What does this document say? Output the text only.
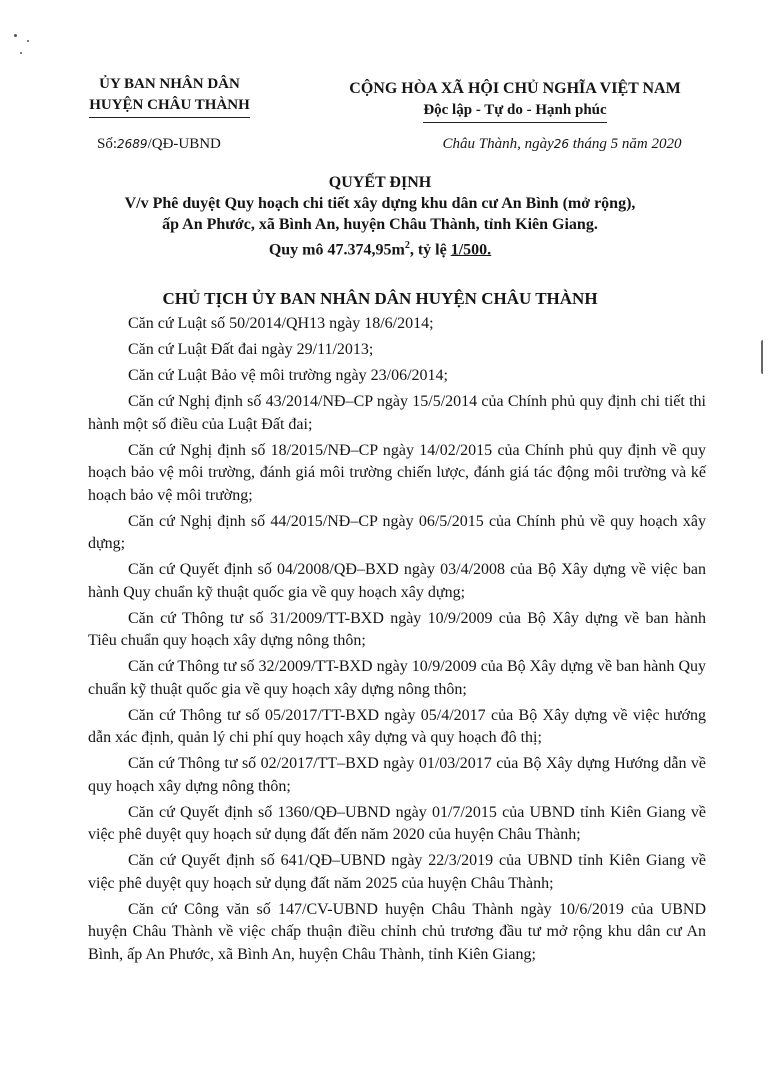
ỦY BAN NHÂN DÂN
HUYỆN CHÂU THÀNH
CỘNG HÒA XÃ HỘI CHỦ NGHĨA VIỆT NAM
Độc lập - Tự do - Hạnh phúc
Số:2689/QĐ-UBND	Châu Thành, ngày26 tháng 5 năm 2020
QUYẾT ĐỊNH
V/v Phê duyệt Quy hoạch chi tiết xây dựng khu dân cư An Bình (mở rộng),
ấp An Phước, xã Bình An, huyện Châu Thành, tỉnh Kiên Giang.
Quy mô $47.374,95m^2$, tỷ lệ 1/500.
CHỦ TỊCH ỦY BAN NHÂN DÂN HUYỆN CHÂU THÀNH

Căn cứ Luật số 50/2014/QH13 ngày 18/6/2014;

Căn cứ Luật Đất đai ngày 29/11/2013;

Căn cứ Luật Bảo vệ môi trường ngày 23/06/2014;

Căn cứ Nghị định số 43/2014/NĐ–CP ngày 15/5/2014 của Chính phủ quy định chi tiết thi hành một số điều của Luật Đất đai;

Căn cứ Nghị định số 18/2015/NĐ–CP ngày 14/02/2015 của Chính phủ quy định về quy hoạch bảo vệ môi trường, đánh giá môi trường chiến lược, đánh giá tác động môi trường và kế hoạch bảo vệ môi trường;

Căn cứ Nghị định số 44/2015/NĐ–CP ngày 06/5/2015 của Chính phủ về quy hoạch xây dựng;

Căn cứ Quyết định số 04/2008/QĐ–BXD ngày 03/4/2008 của Bộ Xây dựng về việc ban hành Quy chuẩn kỹ thuật quốc gia về quy hoạch xây dựng;

Căn cứ Thông tư số 31/2009/TT-BXD ngày 10/9/2009 của Bộ Xây dựng về ban hành Tiêu chuẩn quy hoạch xây dựng nông thôn;

Căn cứ Thông tư số 32/2009/TT-BXD ngày 10/9/2009 của Bộ Xây dựng về ban hành Quy chuẩn kỹ thuật quốc gia về quy hoạch xây dựng nông thôn;

Căn cứ Thông tư số 05/2017/TT-BXD ngày 05/4/2017 của Bộ Xây dựng về việc hướng dẫn xác định, quản lý chi phí quy hoạch xây dựng và quy hoạch đô thị;

Căn cứ Thông tư số 02/2017/TT–BXD ngày 01/03/2017 của Bộ Xây dựng Hướng dẫn về quy hoạch xây dựng nông thôn;

Căn cứ Quyết định số 1360/QĐ–UBND ngày 01/7/2015 của UBND tỉnh Kiên Giang về việc phê duyệt quy hoạch sử dụng đất đến năm 2020 của huyện Châu Thành;

Căn cứ Quyết định số 641/QĐ–UBND ngày 22/3/2019 của UBND tỉnh Kiên Giang về việc phê duyệt quy hoạch sử dụng đất năm 2025 của huyện Châu Thành;

Căn cứ Công văn số 147/CV-UBND huyện Châu Thành ngày 10/6/2019 của UBND huyện Châu Thành về việc chấp thuận điều chỉnh chủ trương đầu tư mở rộng khu dân cư An Bình, ấp An Phước, xã Bình An, huyện Châu Thành, tỉnh Kiên Giang;
